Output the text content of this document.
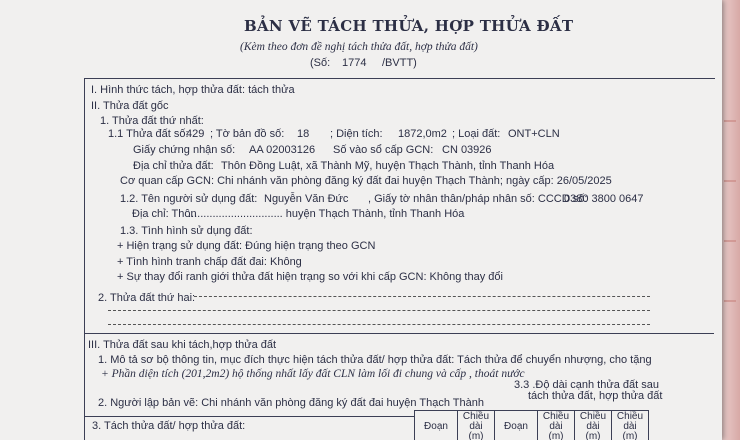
BẢN VẼ TÁCH THỬA, HỢP THỬA ĐẤT
(Kèm theo đơn đề nghị tách thửa đất, hợp thửa đất)
(Số: 1774 /BVTT)
I. Hình thức tách, hợp thửa đất: tách thửa
II. Thửa đất gốc
1. Thửa đất thứ nhất:
1.1 Thửa đất số:
429 ; Tờ bản đồ số: 18 ; Diện tích: 1872,0m2 ; Loại đất: ONT+CLN
Giấy chứng nhận số: AA 02003126 Số vào sổ cấp GCN: CN 03926
Địa chỉ thửa đất: Thôn Đồng Luật, xã Thành Mỹ, huyện Thạch Thành, tỉnh Thanh Hóa
Cơ quan cấp GCN: Chi nhánh văn phòng đăng ký đất đai huyện Thạch Thành; ngày cấp: 26/05/2025
1.2. Tên người sử dụng đất: Nguyễn Văn Đức , Giấy tờ nhân thân/pháp nhân số: CCCD số:
0380 3800 0647
Địa chỉ: Thôn
............................... huyện Thạch Thành, tỉnh Thanh Hóa
1.3. Tình hình sử dụng đất:
+ Hiện trạng sử dụng đất: Đúng hiện trạng theo GCN
+ Tình hình tranh chấp đất đai: Không
+ Sự thay đổi ranh giới thửa đất hiện trạng so với khi cấp GCN: Không thay đổi
2. Thửa đất thứ hai:
III. Thửa đất sau khi tách,hợp thửa đất
1. Mô tả sơ bộ thông tin, mục đích thực hiện tách thửa đất/ hợp thửa đất: Tách thửa để chuyển nhượng, cho tặng
+ Phần diện tích (201,2m2) hộ thống nhất lấy đất CLN làm lối đi chung và cấp , thoát nước
3.3 .Độ dài cạnh thửa đất sau
tách thửa đất, hợp thửa đất
2. Người lập bản vẽ: Chi nhánh văn phòng đăng ký đất đai huyện Thạch Thành
3. Tách thửa đất/ hợp thửa đất:	Đoạn	Chiều dài (m)	Đoạn	Chiều dài (m)	Chiều dài (m)	Chiều dài (m)
